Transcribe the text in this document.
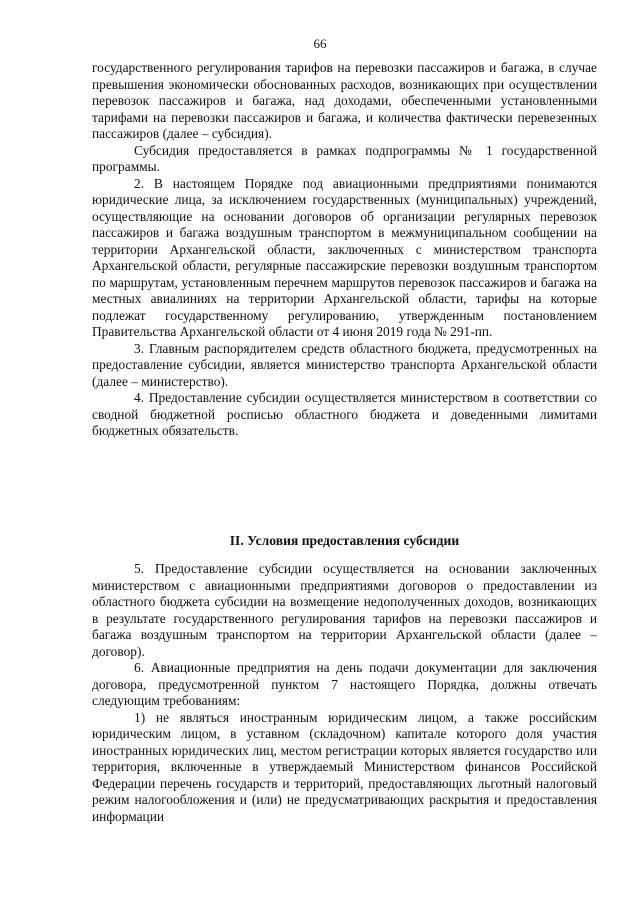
66

государственного регулирования тарифов на перевозки пассажиров и багажа, в случае превышения экономически обоснованных расходов, возникающих при осуществлении перевозок пассажиров и багажа, над доходами, обеспеченными установленными тарифами на перевозки пассажиров и багажа, и количества фактически перевезенных пассажиров (далее – субсидия).

Субсидия предоставляется в рамках подпрограммы № 1 государственной программы.

2. В настоящем Порядке под авиационными предприятиями понимаются юридические лица, за исключением государственных (муниципальных) учреждений, осуществляющие на основании договоров об организации регулярных перевозок пассажиров и багажа воздушным транспортом в межмуниципальном сообщении на территории Архангельской области, заключенных с министерством транспорта Архангельской области, регулярные пассажирские перевозки воздушным транспортом по маршрутам, установленным перечнем маршрутов перевозок пассажиров и багажа на местных авиалиниях на территории Архангельской области, тарифы на которые подлежат государственному регулированию, утвержденным постановлением Правительства Архангельской области от 4 июня 2019 года № 291-пп.

3. Главным распорядителем средств областного бюджета, предусмотренных на предоставление субсидии, является министерство транспорта Архангельской области (далее – министерство).

4. Предоставление субсидии осуществляется министерством в соответствии со сводной бюджетной росписью областного бюджета и доведенными лимитами бюджетных обязательств.

II. Условия предоставления субсидии

5. Предоставление субсидии осуществляется на основании заключенных министерством с авиационными предприятиями договоров о предоставлении из областного бюджета субсидии на возмещение недополученных доходов, возникающих в результате государственного регулирования тарифов на перевозки пассажиров и багажа воздушным транспортом на территории Архангельской области (далее – договор).

6. Авиационные предприятия на день подачи документации для заключения договора, предусмотренной пунктом 7 настоящего Порядка, должны отвечать следующим требованиям:

1) не являться иностранным юридическим лицом, а также российским юридическим лицом, в уставном (складочном) капитале которого доля участия иностранных юридических лиц, местом регистрации которых является государство или территория, включенные в утверждаемый Министерством финансов Российской Федерации перечень государств и территорий, предоставляющих льготный налоговый режим налогообложения и (или) не предусматривающих раскрытия и предоставления информации
